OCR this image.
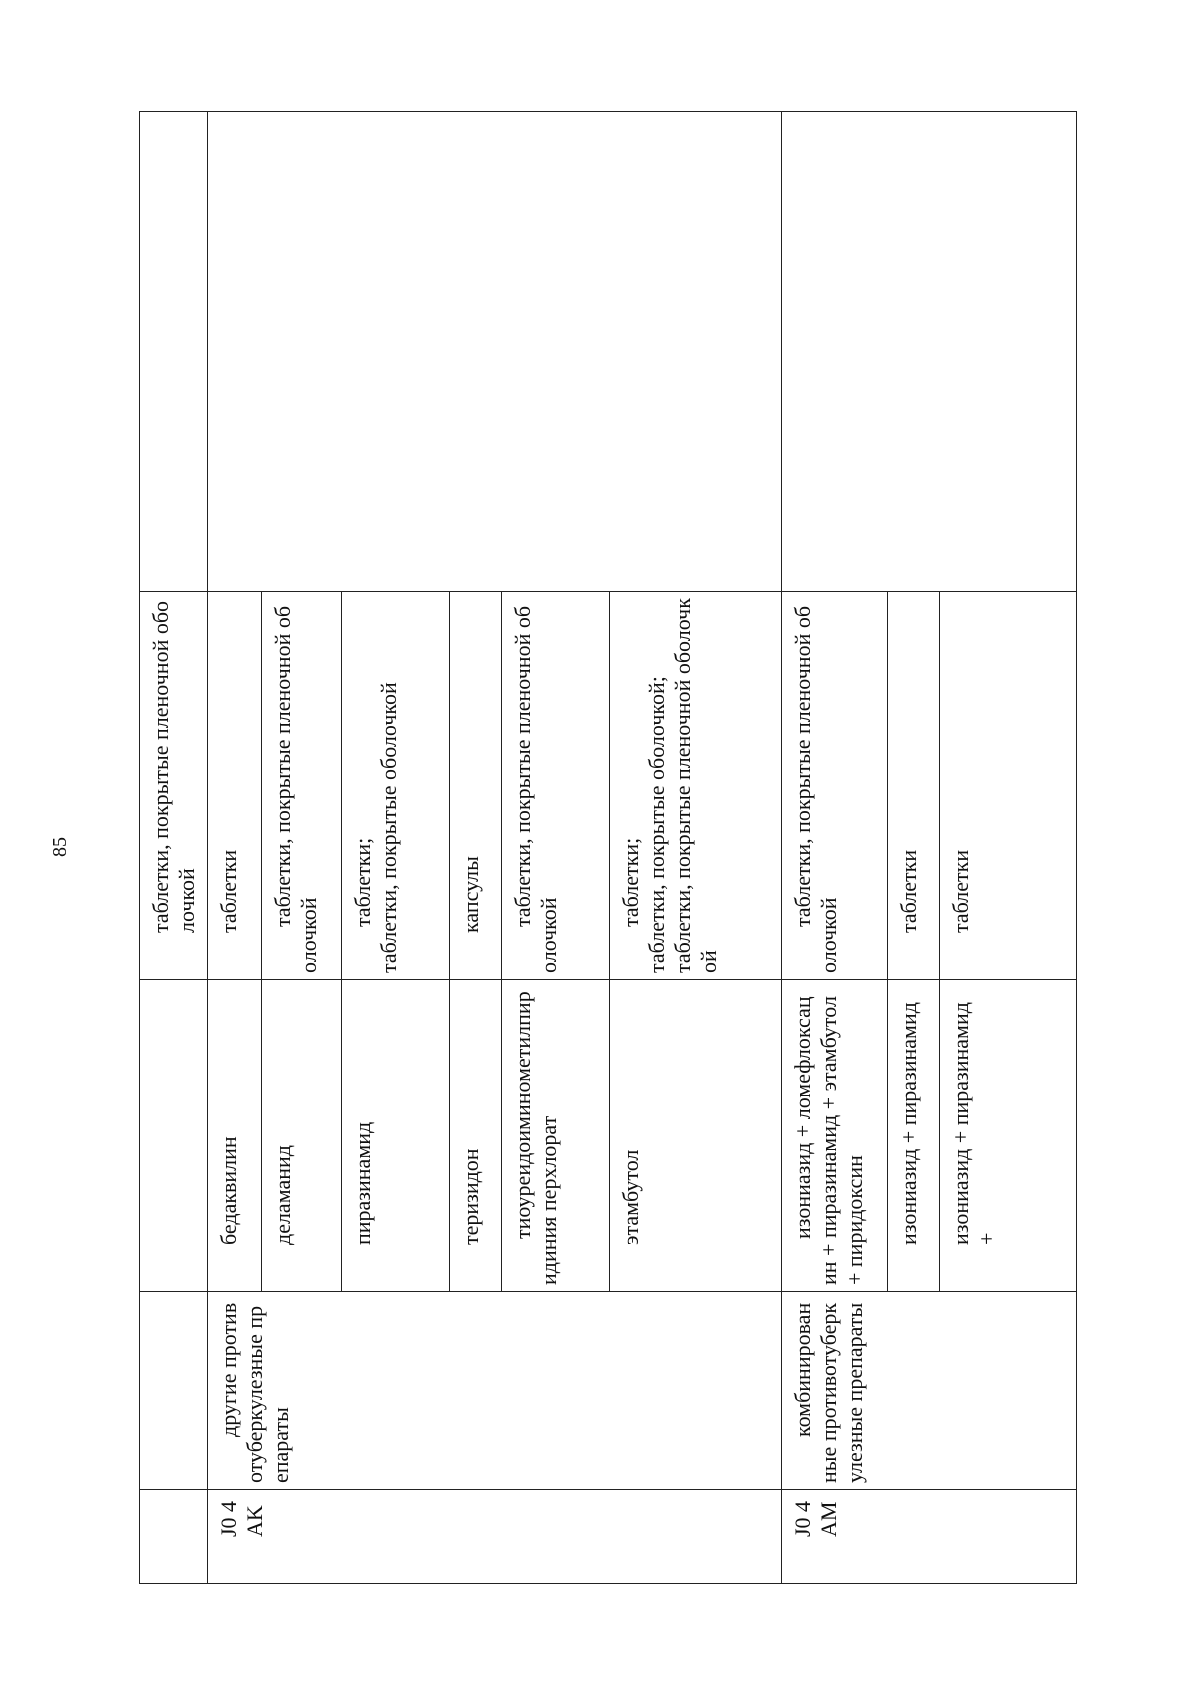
85
				таблетки, покрытые пленочной оболочкой	
J0 4AK	другие противотуберкулезные препараты	бедаквилин	таблетки	
		деламанид	таблетки, покрытые пленочной оболочкой	

		пиразинамид	таблетки;
таблетки, покрытые оболочкой	

		теризидон	капсулы	

		тиоуреидоиминометилпиридиния перхлорат	таблетки, покрытые пленочной оболочкой	

		этамбутол	таблетки;
таблетки, покрытые оболочкой;
таблетки, покрытые пленочной оболочкой	

J0 4AM	комбинированные противотуберкулезные препараты	изониазид + ломефлоксацин + пиразинамид + этамбутол + пиридоксин	таблетки, покрытые пленочной оболочкой	

		изониазид + пиразинамид	таблетки	
		изониазид + пиразинамид +	таблетки	
